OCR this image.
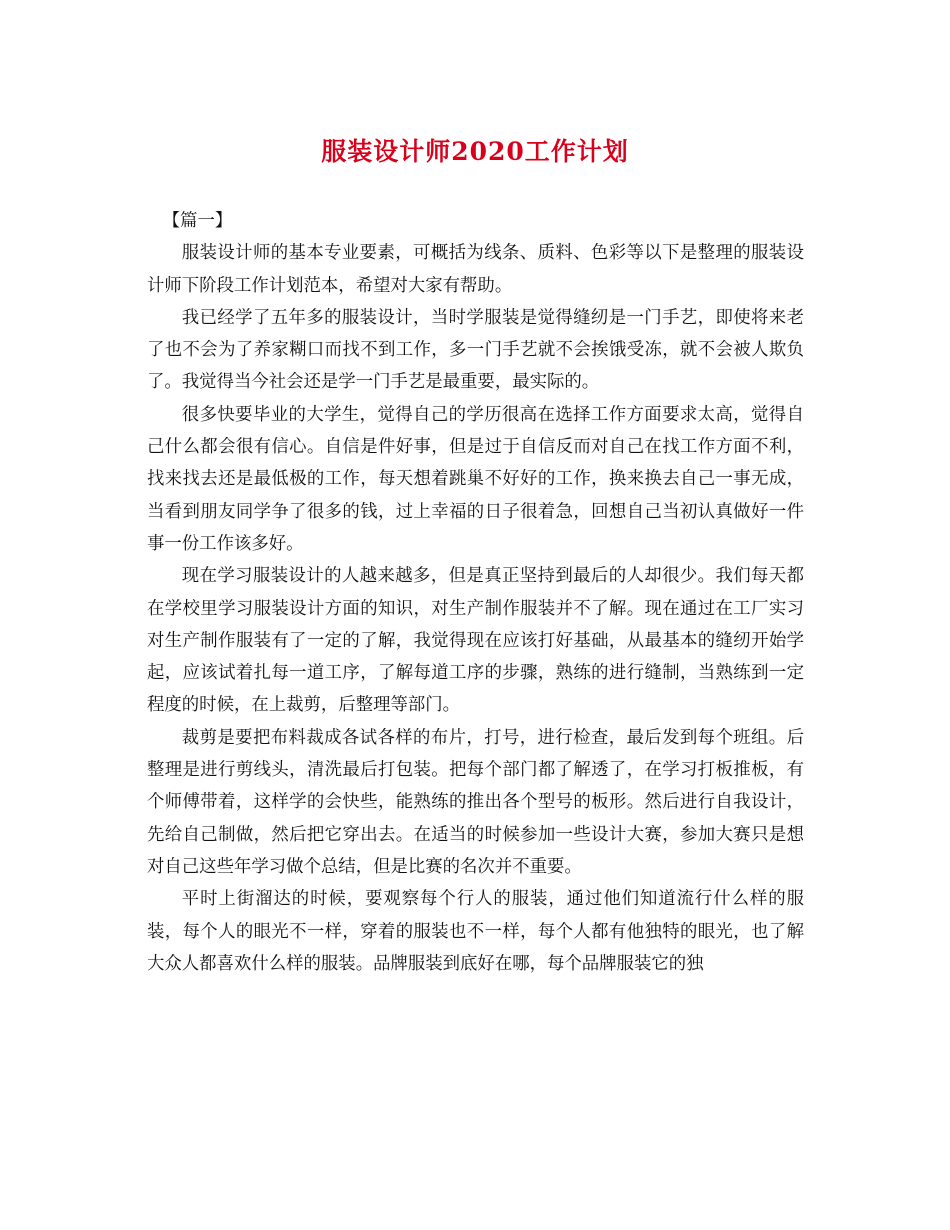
服装设计师2020工作计划

【篇一】

服装设计师的基本专业要素，可概括为线条、质料、色彩等以下是整理的服装设计师下阶段工作计划范本，希望对大家有帮助。

我已经学了五年多的服装设计，当时学服装是觉得缝纫是一门手艺，即使将来老了也不会为了养家糊口而找不到工作，多一门手艺就不会挨饿受冻，就不会被人欺负了。我觉得当今社会还是学一门手艺是最重要，最实际的。

很多快要毕业的大学生，觉得自己的学历很高在选择工作方面要求太高，觉得自己什么都会很有信心。自信是件好事，但是过于自信反而对自己在找工作方面不利，找来找去还是最低极的工作，每天想着跳巢不好好的工作，换来换去自己一事无成，当看到朋友同学争了很多的钱，过上幸福的日子很着急，回想自己当初认真做好一件事一份工作该多好。

现在学习服装设计的人越来越多，但是真正坚持到最后的人却很少。我们每天都在学校里学习服装设计方面的知识，对生产制作服装并不了解。现在通过在工厂实习对生产制作服装有了一定的了解，我觉得现在应该打好基础，从最基本的缝纫开始学起，应该试着扎每一道工序，了解每道工序的步骤，熟练的进行缝制，当熟练到一定程度的时候，在上裁剪，后整理等部门。

裁剪是要把布料裁成各试各样的布片，打号，进行检查，最后发到每个班组。后整理是进行剪线头，清洗最后打包装。把每个部门都了解透了，在学习打板推板，有个师傅带着，这样学的会快些，能熟练的推出各个型号的板形。然后进行自我设计，先给自己制做，然后把它穿出去。在适当的时候参加一些设计大赛，参加大赛只是想对自己这些年学习做个总结，但是比赛的名次并不重要。

平时上街溜达的时候，要观察每个行人的服装，通过他们知道流行什么样的服装，每个人的眼光不一样，穿着的服装也不一样，每个人都有他独特的眼光，也了解大众人都喜欢什么样的服装。品牌服装到底好在哪，每个品牌服装它的独
